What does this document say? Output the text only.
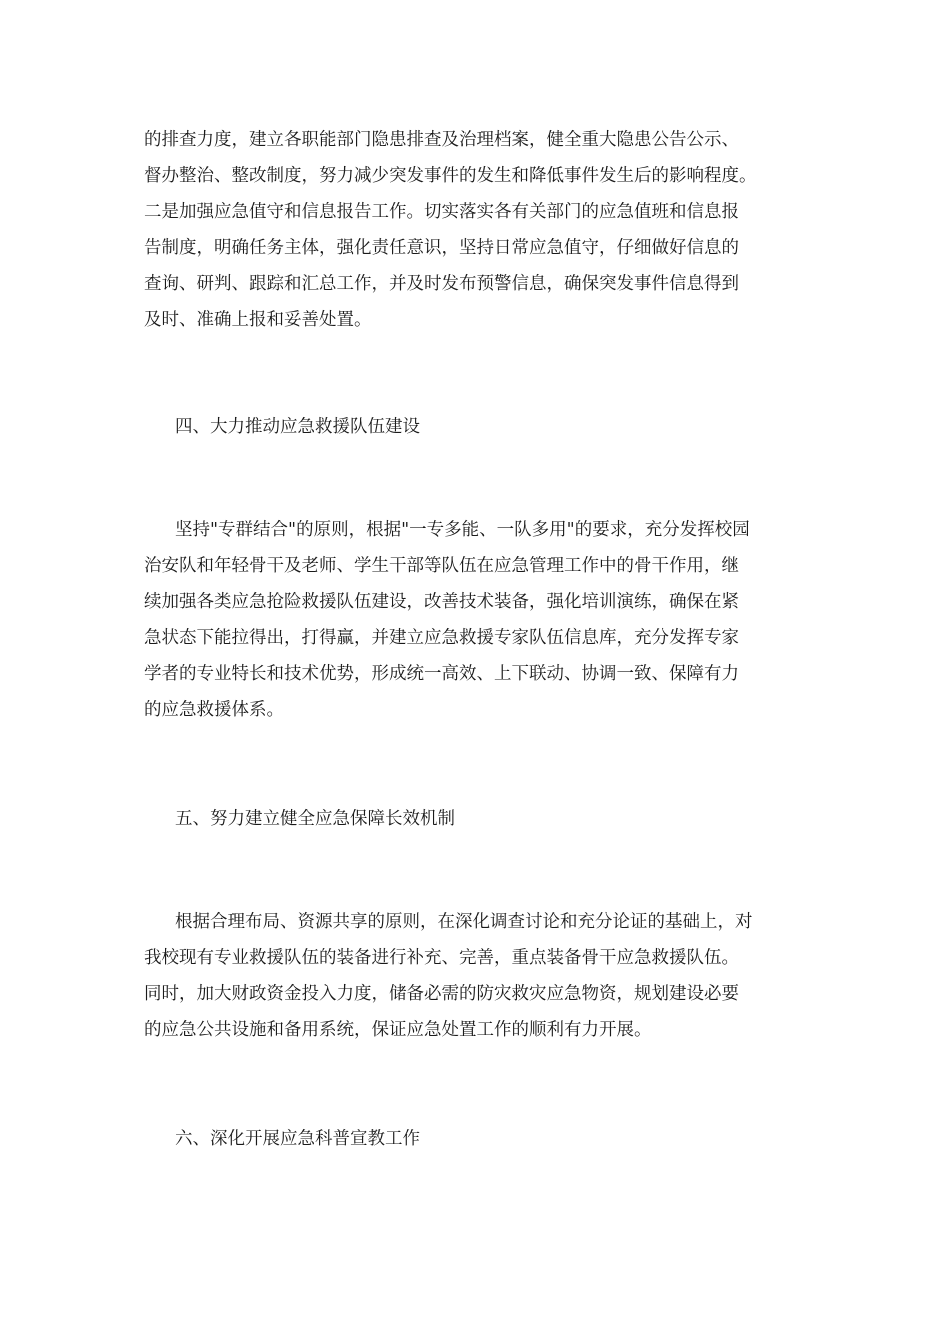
的排查力度，建立各职能部门隐患排查及治理档案，健全重大隐患公告公示、

督办整治、整改制度，努力减少突发事件的发生和降低事件发生后的影响程度。

二是加强应急值守和信息报告工作。切实落实各有关部门的应急值班和信息报

告制度，明确任务主体，强化责任意识，坚持日常应急值守，仔细做好信息的

查询、研判、跟踪和汇总工作，并及时发布预警信息，确保突发事件信息得到

及时、准确上报和妥善处置。

四、大力推动应急救援队伍建设

坚持"专群结合"的原则，根据"一专多能、一队多用"的要求，充分发挥校园

治安队和年轻骨干及老师、学生干部等队伍在应急管理工作中的骨干作用，继

续加强各类应急抢险救援队伍建设，改善技术装备，强化培训演练，确保在紧

急状态下能拉得出，打得赢，并建立应急救援专家队伍信息库，充分发挥专家

学者的专业特长和技术优势，形成统一高效、上下联动、协调一致、保障有力

的应急救援体系。

五、努力建立健全应急保障长效机制

根据合理布局、资源共享的原则，在深化调查讨论和充分论证的基础上，对

我校现有专业救援队伍的装备进行补充、完善，重点装备骨干应急救援队伍。

同时，加大财政资金投入力度，储备必需的防灾救灾应急物资，规划建设必要

的应急公共设施和备用系统，保证应急处置工作的顺利有力开展。

六、深化开展应急科普宣教工作
